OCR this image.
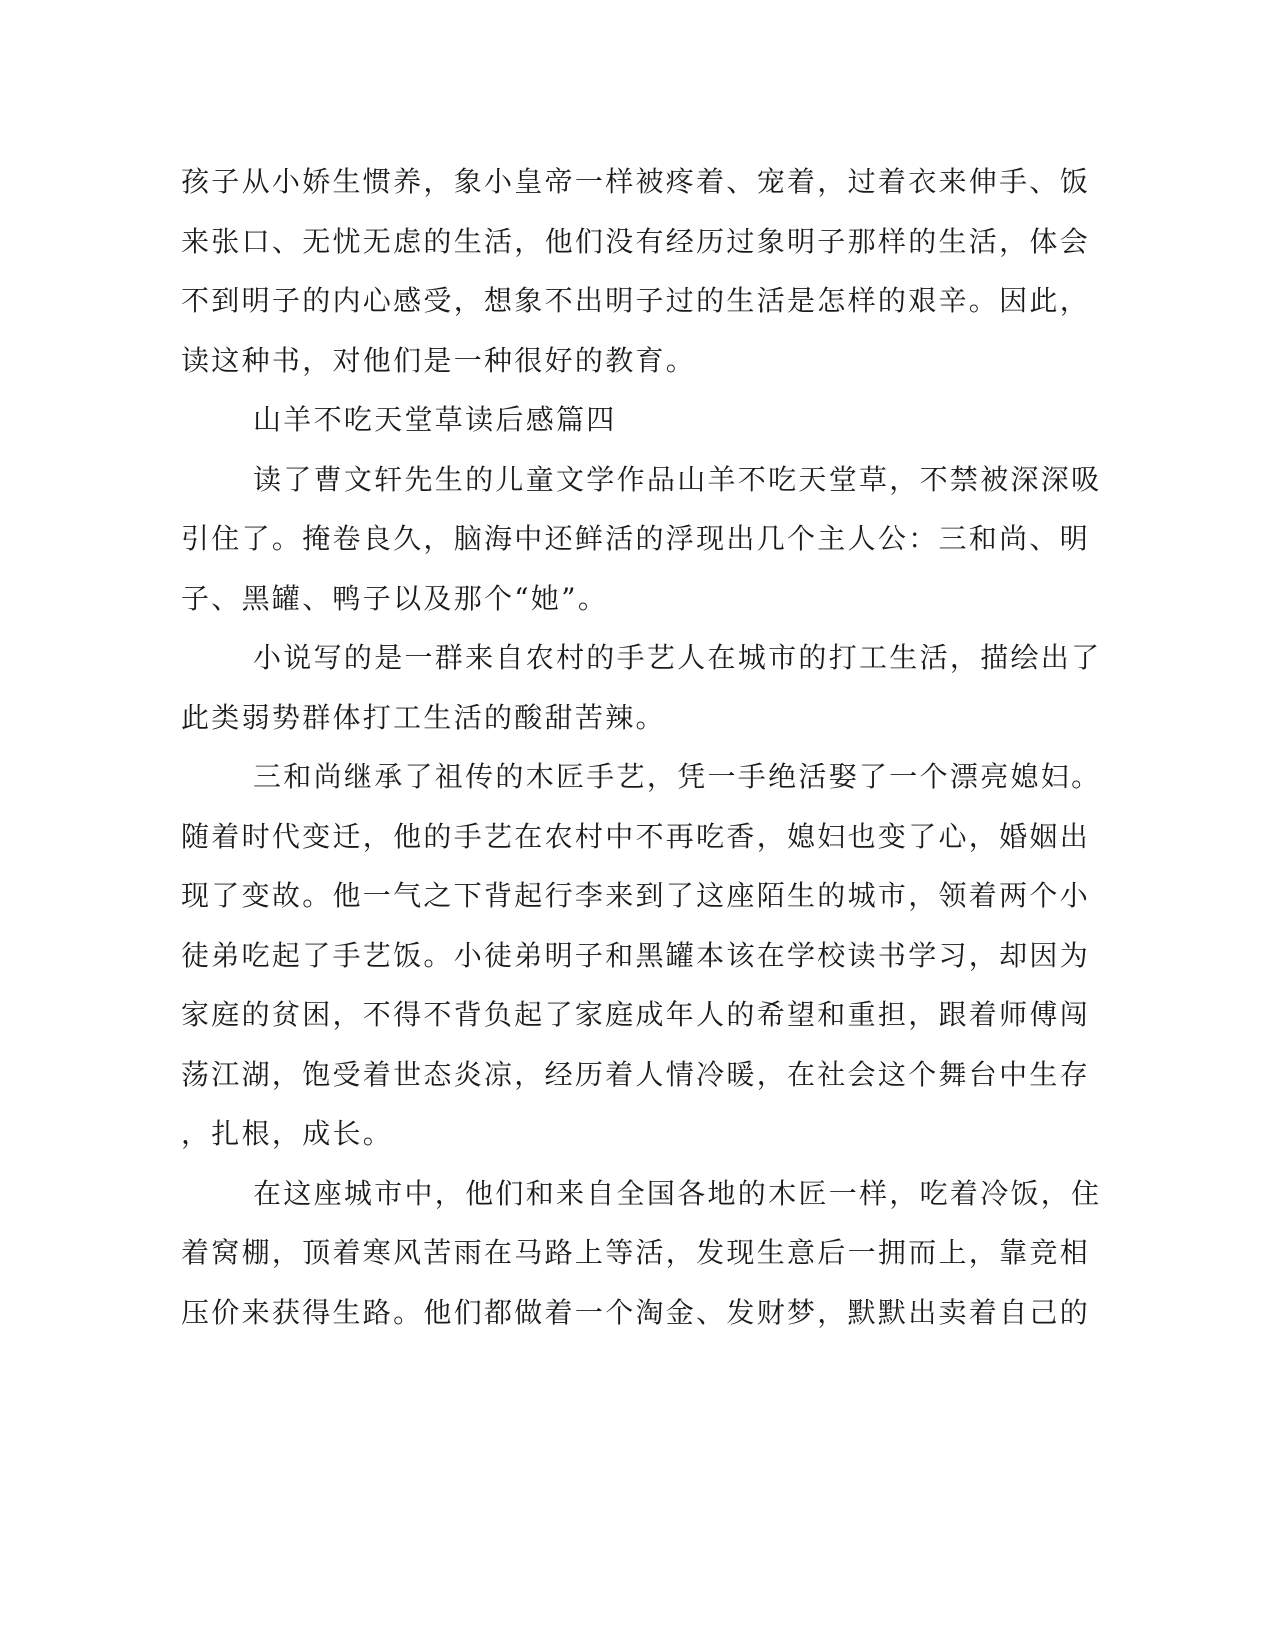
孩子从小娇生惯养，象小皇帝一样被疼着、宠着，过着衣来伸手、饭
来张口、无忧无虑的生活，他们没有经历过象明子那样的生活，体会
不到明子的内心感受，想象不出明子过的生活是怎样的艰辛。因此，
读这种书，对他们是一种很好的教育。
山羊不吃天堂草读后感篇四
读了曹文轩先生的儿童文学作品山羊不吃天堂草，不禁被深深吸
引住了。掩卷良久，脑海中还鲜活的浮现出几个主人公：三和尚、明
子、黑罐、鸭子以及那个“她”。
小说写的是一群来自农村的手艺人在城市的打工生活，描绘出了
此类弱势群体打工生活的酸甜苦辣。
三和尚继承了祖传的木匠手艺，凭一手绝活娶了一个漂亮媳妇。
随着时代变迁，他的手艺在农村中不再吃香，媳妇也变了心，婚姻出
现了变故。他一气之下背起行李来到了这座陌生的城市，领着两个小
徒弟吃起了手艺饭。小徒弟明子和黑罐本该在学校读书学习，却因为
家庭的贫困，不得不背负起了家庭成年人的希望和重担，跟着师傅闯
荡江湖，饱受着世态炎凉，经历着人情冷暖，在社会这个舞台中生存
，扎根，成长。
在这座城市中，他们和来自全国各地的木匠一样，吃着冷饭，住
着窝棚，顶着寒风苦雨在马路上等活，发现生意后一拥而上，靠竞相
压价来获得生路。他们都做着一个淘金、发财梦，默默出卖着自己的
